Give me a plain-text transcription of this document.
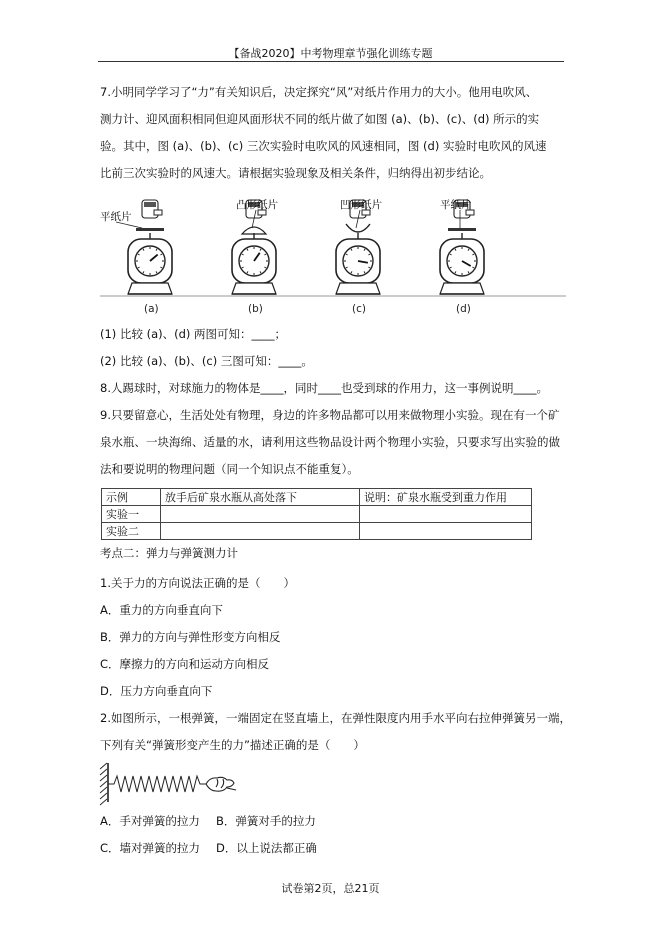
【备战2020】中考物理章节强化训练专题
7.小明同学学习了“力”有关知识后，决定探究“风”对纸片作用力的大小。他用电吹风、
测力计、迎风面积相同但迎风面形状不同的纸片做了如图 (a)、(b)、(c)、(d) 所示的实
验。其中，图 (a)、(b)、(c) 三次实验时电吹风的风速相同，图 (d) 实验时电吹风的风速
比前三次实验时的风速大。请根据实验现象及相关条件，归纳得出初步结论。
平纸片
(a)
凸形纸片
(b)
凹形纸片
(c)
平纸片
(d)
(1) 比较 (a)、(d) 两图可知：____；
(2) 比较 (a)、(b)、(c) 三图可知：____。
8.人踢球时，对球施力的物体是____，同时____也受到球的作用力，这一事例说明____。
9.只要留意心，生活处处有物理，身边的许多物品都可以用来做物理小实验。现在有一个矿
泉水瓶、一块海绵、适量的水，请利用这些物品设计两个物理小实验，只要求写出实验的做
法和要说明的物理问题（同一个知识点不能重复）。
示例	放手后矿泉水瓶从高处落下	说明：矿泉水瓶受到重力作用
实验一		
实验二		
考点二：弹力与弹簧测力计
1.关于力的方向说法正确的是（　　）
A．重力的方向垂直向下
B．弹力的方向与弹性形变方向相反
C．摩擦力的方向和运动方向相反
D．压力方向垂直向下
2.如图所示，一根弹簧，一端固定在竖直墙上，在弹性限度内用手水平向右拉伸弹簧另一端，
下列有关“弹簧形变产生的力”描述正确的是（　　）
A．手对弹簧的拉力 B．弹簧对手的拉力
C．墙对弹簧的拉力 D．以上说法都正确
试卷第2页，总21页
